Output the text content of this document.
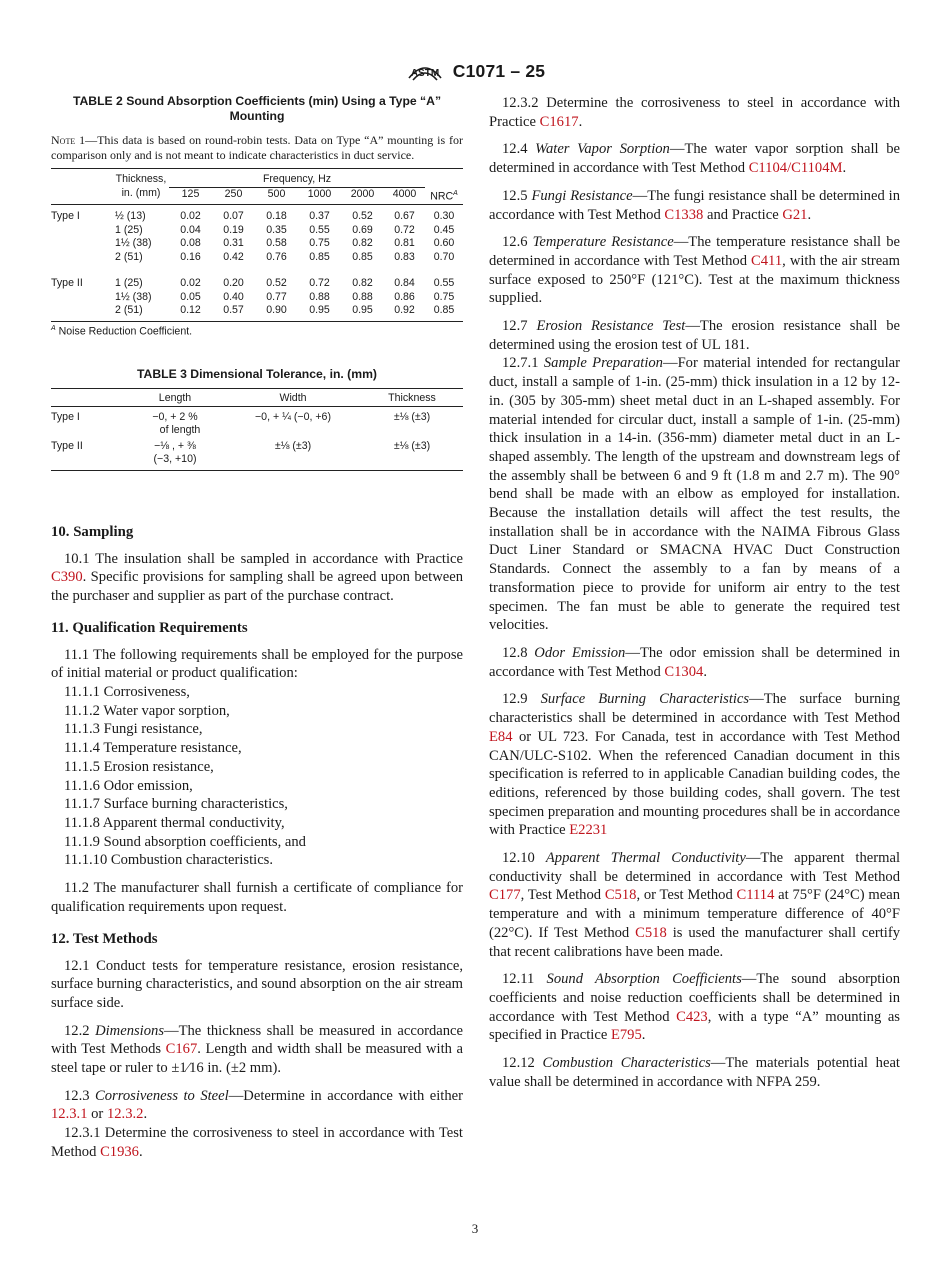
ASTM C1071 – 25
TABLE 2 Sound Absorption Coefficients (min) Using a Type “A” Mounting
Note 1—This data is based on round-robin tests. Data on Type “A” mounting is for comparison only and is not meant to indicate characteristics in duct service.
	Thickness,	Frequency, Hz						
	in. (mm)	125	250	500	1000	2000	4000	$NRC^A$
Type I	½ (13)	0.02	0.07	0.18	0.37	0.52	0.67	0.30
	1 (25)	0.04	0.19	0.35	0.55	0.69	0.72	0.45
	1½ (38)	0.08	0.31	0.58	0.75	0.82	0.81	0.60
	2 (51)	0.16	0.42	0.76	0.85	0.85	0.83	0.70
Type II	1 (25)	0.02	0.20	0.52	0.72	0.82	0.84	0.55
	1½ (38)	0.05	0.40	0.77	0.88	0.88	0.86	0.75
	2 (51)	0.12	0.57	0.90	0.95	0.95	0.92	0.85
$^A$ Noise Reduction Coefficient.
TABLE 3 Dimensional Tolerance, in. (mm)
	Length	Width	Thickness
Type I	−0, + 2 %
of length	−0, + ¼ (−0, +6)	±⅛ (±3)
Type II	−⅛ , + ⅜
(−3, +10)	±⅛ (±3)	±⅛ (±3)
10. Sampling

10.1 The insulation shall be sampled in accordance with Practice C390. Specific provisions for sampling shall be agreed upon between the purchaser and supplier as part of the purchase contract.

11. Qualification Requirements

11.1 The following requirements shall be employed for the purpose of initial material or product qualification:

11.1.1 Corrosiveness,
11.1.2 Water vapor sorption,
11.1.3 Fungi resistance,
11.1.4 Temperature resistance,
11.1.5 Erosion resistance,
11.1.6 Odor emission,
11.1.7 Surface burning characteristics,
11.1.8 Apparent thermal conductivity,
11.1.9 Sound absorption coefficients, and
11.1.10 Combustion characteristics.

11.2 The manufacturer shall furnish a certificate of compliance for qualification requirements upon request.

12. Test Methods

12.1 Conduct tests for temperature resistance, erosion resistance, surface burning characteristics, and sound absorption on the air stream surface side.

12.2 Dimensions—The thickness shall be measured in accordance with Test Methods C167. Length and width shall be measured with a steel tape or ruler to ±1⁄16 in. (±2 mm).

12.3 Corrosiveness to Steel—Determine in accordance with either 12.3.1 or 12.3.2.

12.3.1 Determine the corrosiveness to steel in accordance with Test Method C1936.

12.3.2 Determine the corrosiveness to steel in accordance with Practice C1617.

12.4 Water Vapor Sorption—The water vapor sorption shall be determined in accordance with Test Method C1104/C1104M.

12.5 Fungi Resistance—The fungi resistance shall be determined in accordance with Test Method C1338 and Practice G21.

12.6 Temperature Resistance—The temperature resistance shall be determined in accordance with Test Method C411, with the air stream surface exposed to 250°F (121°C). Test at the maximum thickness supplied.

12.7 Erosion Resistance Test—The erosion resistance shall be determined using the erosion test of UL 181.

12.7.1 Sample Preparation—For material intended for rectangular duct, install a sample of 1-in. (25-mm) thick insulation in a 12 by 12-in. (305 by 305-mm) sheet metal duct in an L-shaped assembly. For material intended for circular duct, install a sample of 1-in. (25-mm) thick insulation in a 14-in. (356-mm) diameter metal duct in an L-shaped assembly. The length of the upstream and downstream legs of the assembly shall be between 6 and 9 ft (1.8 m and 2.7 m). The 90° bend shall be made with an elbow as employed for installation. Because the installation details will affect the test results, the installation shall be in accordance with the NAIMA Fibrous Glass Duct Liner Standard or SMACNA HVAC Duct Construction Standards. Connect the assembly to a fan by means of a transformation piece to provide for uniform air entry to the test specimen. The fan must be able to generate the required test velocities.

12.8 Odor Emission—The odor emission shall be determined in accordance with Test Method C1304.

12.9 Surface Burning Characteristics—The surface burning characteristics shall be determined in accordance with Test Method E84 or UL 723. For Canada, test in accordance with Test Method CAN/ULC-S102. When the referenced Canadian document in this specification is referred to in applicable Canadian building codes, the editions, referenced by those building codes, shall govern. The test specimen preparation and mounting procedures shall be in accordance with Practice E2231

12.10 Apparent Thermal Conductivity—The apparent thermal conductivity shall be determined in accordance with Test Method C177, Test Method C518, or Test Method C1114 at 75°F (24°C) mean temperature and with a minimum temperature difference of 40°F (22°C). If Test Method C518 is used the manufacturer shall certify that recent calibrations have been made.

12.11 Sound Absorption Coefficients—The sound absorption coefficients and noise reduction coefficients shall be determined in accordance with Test Method C423, with a type “A” mounting as specified in Practice E795.

12.12 Combustion Characteristics—The materials potential heat value shall be determined in accordance with NFPA 259.

3
